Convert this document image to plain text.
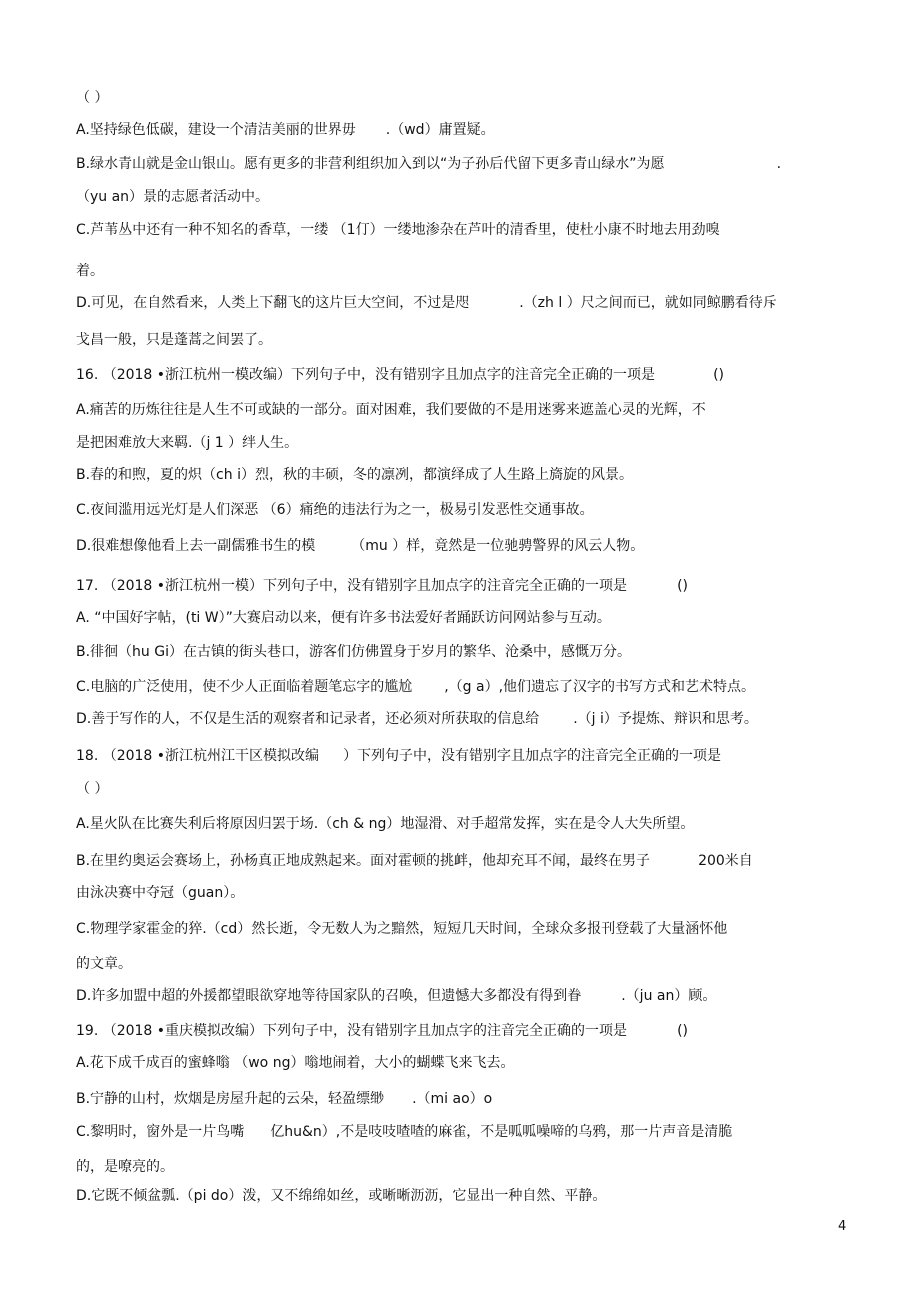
（ ）

A.坚持绿色低碳，建设一个清洁美丽的世界毋 .（wd）庸置疑。

B.绿水青山就是金山银山。愿有更多的非营利组织加入到以“为子孙后代留下更多青山绿水”为愿	.

（yu an）景的志愿者活动中。

C.芦苇丛中还有一种不知名的香草，一缕 （1仃）一缕地渗杂在芦叶的清香里，使杜小康不时地去用劲嗅

着。

D.可见，在自然看来，人类上下翻飞的这片巨大空间，不过是咫	.（zh l ）尺之间而已，就如同鲸鹏看待斥

戈昌一般，只是蓬蒿之间罢了。

16. （2018 •浙江杭州一模改编）下列句子中，没有错别字且加点字的注音完全正确的一项是	()

A.痛苦的历炼往往是人生不可或缺的一部分。面对困难，我们要做的不是用迷雾来遮盖心灵的光辉，不

是把困难放大来羁.（j 1 ）绊人生。

B.春的和煦，夏的炽（ch i）烈，秋的丰硕，冬的凛冽，都演绎成了人生路上旖旋的风景。

C.夜间滥用远光灯是人们深恶 （6）痛绝的违法行为之一，极易引发恶性交通事故。

D.很难想像他看上去一副儒雅书生的模	（mu ）样，竟然是一位驰骋警界的风云人物。

17. （2018 •浙江杭州一模）下列句子中，没有错别字且加点字的注音完全正确的一项是	()

A. “中国好字帖，(ti W）”大赛启动以来，便有许多书法爱好者踊跃访问网站参与互动。

B.徘徊（hu Gi）在古镇的街头巷口，游客们仿佛置身于岁月的繁华、沧桑中，感慨万分。

C.电脑的广泛使用，使不少人正面临着题笔忘字的尴尬 ,（g a）,他们遗忘了汉字的书写方式和艺术特点。

D.善于写作的人，不仅是生活的观察者和记录者，还必须对所获取的信息给 .（j i）予提炼、辩识和思考。

18. （2018 •浙江杭州江干区模拟改编 ）下列句子中，没有错别字且加点字的注音完全正确的一项是

（ ）

A.星火队在比赛失利后将原因归罢于场.（ch & ng）地湿滑、对手超常发挥，实在是令人大失所望。

B.在里约奥运会赛场上，孙杨真正地成熟起来。面对霍顿的挑衅，他却充耳不闻，最终在男子	200米自

由泳决赛中夺冠（guan）。

C.物理学家霍金的猝.（cd）然长逝，令无数人为之黯然，短短几天时间，全球众多报刊登载了大量涵怀他

的文章。

D.许多加盟中超的外援都望眼欲穿地等待国家队的召唤，但遗憾大多都没有得到眷	.（ju an）顾。

19. （2018 •重庆模拟改编）下列句子中，没有错别字且加点字的注音完全正确的一项是	()

A.花下成千成百的蜜蜂嗡 （wo ng）嗡地闹着，大小的蝴蝶飞来飞去。

B.宁静的山村，炊烟是房屋升起的云朵，轻盈缥缈 .（mi ao）o

C.黎明时，窗外是一片鸟嘴 亿hu&n）,不是吱吱喳喳的麻雀，不是呱呱噪啼的乌鸦，那一片声音是清脆

的，是嘹亮的。

D.它既不倾盆瓢.（pi do）泼，又不绵绵如丝，或晰晰沥沥，它显出一种自然、平静。

4
